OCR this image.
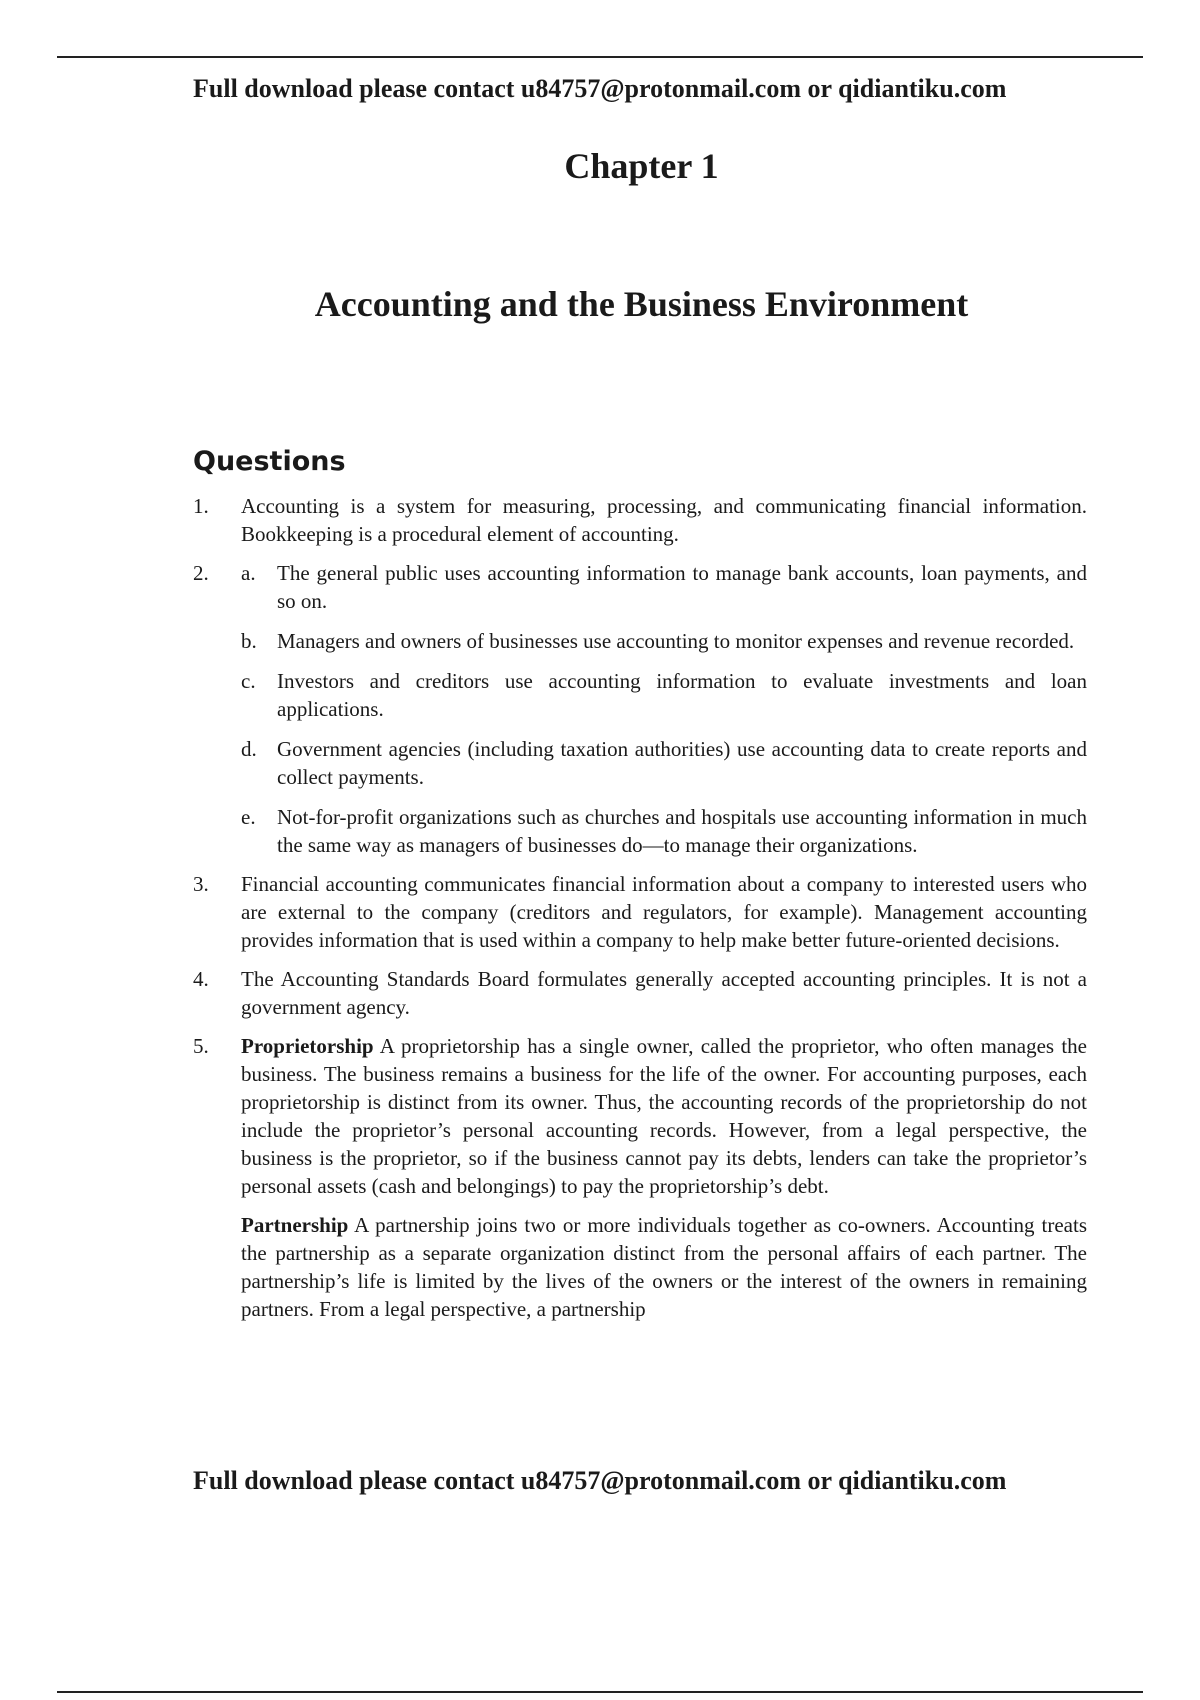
Full download please contact u84757@protonmail.com or qidiantiku.com
Chapter 1
Accounting and the Business Environment
Questions
1.	Accounting is a system for measuring, processing, and communicating financial information. Bookkeeping is a procedural element of accounting.
2.	a.	The general public uses accounting information to manage bank accounts, loan payments, and so on.
b. Managers and owners of businesses use accounting to monitor expenses and revenue recorded.
c.	Investors and creditors use accounting information to evaluate investments and loan applications.
d. Government agencies (including taxation authorities) use accounting data to create reports and collect payments.
e.	Not-for-profit organizations such as churches and hospitals use accounting information in much the same way as managers of businesses do—to manage their organizations.
3.	Financial accounting communicates financial information about a company to interested users who are external to the company (creditors and regulators, for example). Management accounting provides information that is used within a company to help make better future-oriented decisions.
4.	The Accounting Standards Board formulates generally accepted accounting principles. It is not a government agency.
5.	Proprietorship A proprietorship has a single owner, called the proprietor, who often manages the business. The business remains a business for the life of the owner. For accounting purposes, each proprietorship is distinct from its owner. Thus, the accounting records of the proprietorship do not include the proprietor’s personal accounting records. However, from a legal perspective, the business is the proprietor, so if the business cannot pay its debts, lenders can take the proprietor’s personal assets (cash and belongings) to pay the proprietorship’s debt.

Partnership A partnership joins two or more individuals together as co-owners. Accounting treats the partnership as a separate organization distinct from the personal affairs of each partner. The partnership’s life is limited by the lives of the owners or the interest of the owners in remaining partners. From a legal perspective, a partnership

Full download please contact u84757@protonmail.com or qidiantiku.com
